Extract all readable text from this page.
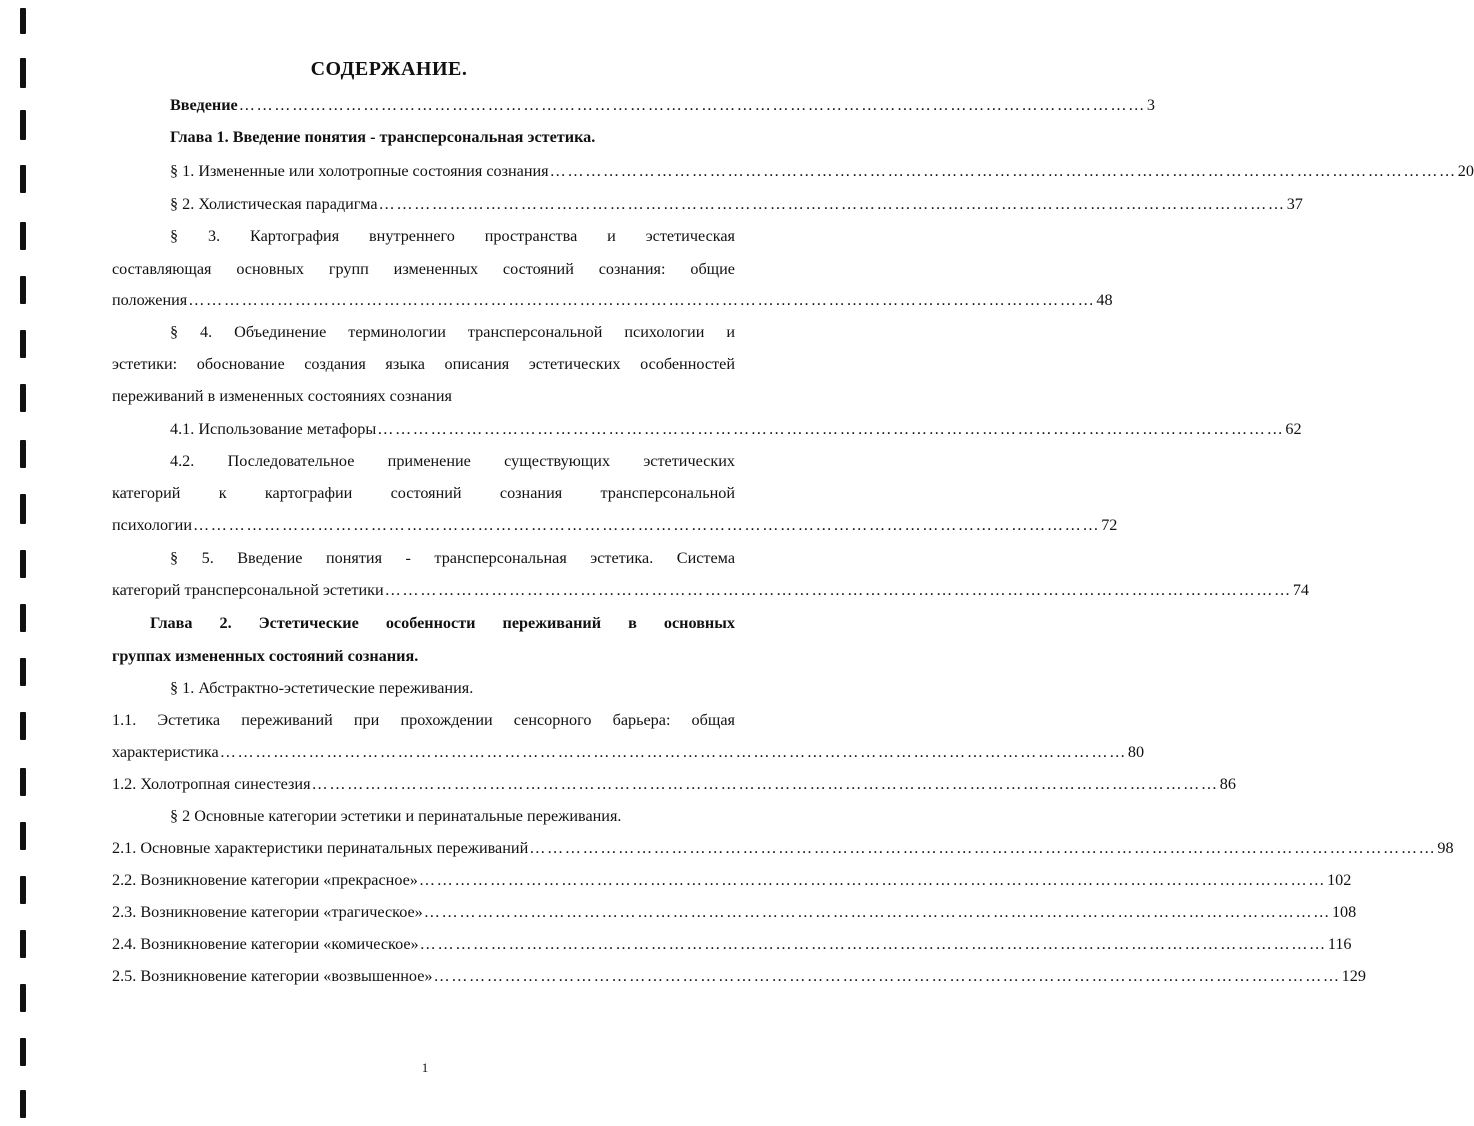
СОДЕРЖАНИЕ.
Введение ……………………………………………………………………………………………………………………………………… 3
Глава 1. Введение понятия - трансперсональная эстетика.
§ 1. Измененные или холотропные состояния сознания ……………………………………………………………………………………………………………………………………… 20
§ 2. Холистическая парадигма ……………………………………………………………………………………………………………………………………… 37
§ 3. Картография внутреннего пространства и эстетическая
составляющая основных групп измененных состояний сознания: общие
положения ……………………………………………………………………………………………………………………………………… 48
§ 4. Объединение терминологии трансперсональной психологии и
эстетики: обоснование создания языка описания эстетических особенностей
переживаний в измененных состояниях сознания
4.1. Использование метафоры ……………………………………………………………………………………………………………………………………… 62
4.2. Последовательное применение существующих эстетических
категорий к картографии состояний сознания трансперсональной
психологии ……………………………………………………………………………………………………………………………………… 72
§ 5. Введение понятия - трансперсональная эстетика. Система
категорий трансперсональной эстетики ……………………………………………………………………………………………………………………………………… 74
Глава 2. Эстетические особенности переживаний в основных
группах измененных состояний сознания.
§ 1. Абстрактно-эстетические переживания.
1.1. Эстетика переживаний при прохождении сенсорного барьера: общая
характеристика ……………………………………………………………………………………………………………………………………… 80
1.2. Холотропная синестезия ……………………………………………………………………………………………………………………………………… 86
§ 2 Основные категории эстетики и перинатальные переживания.
2.1. Основные характеристики перинатальных переживаний ……………………………………………………………………………………………………………………………………… 98
2.2. Возникновение категории «прекрасное» ……………………………………………………………………………………………………………………………………… 102
2.3. Возникновение категории «трагическое» ……………………………………………………………………………………………………………………………………… 108
2.4. Возникновение категории «комическое» ……………………………………………………………………………………………………………………………………… 116
2.5. Возникновение категории «возвышенное» ……………………………………………………………………………………………………………………………………… 129
1
